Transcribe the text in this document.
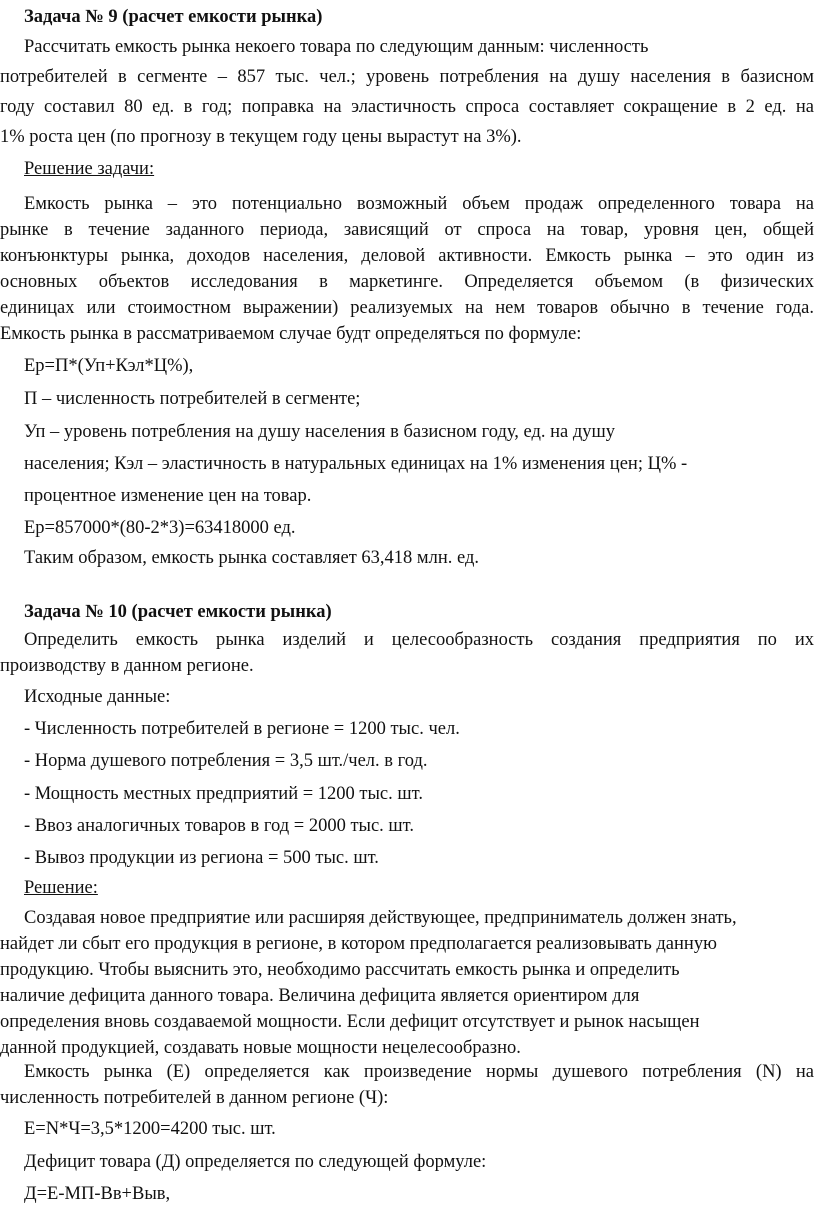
Задача № 9 (расчет емкости рынка)
Рассчитать емкость рынка некоего товара по следующим данным: численность
потребителей в сегменте – 857 тыс. чел.; уровень потребления на душу населения в базисном
году составил 80 ед. в год; поправка на эластичность спроса составляет сокращение в 2 ед. на
1% роста цен (по прогнозу в текущем году цены вырастут на 3%).
Решение задачи:
Емкость рынка – это потенциально возможный объем продаж определенного товара на
рынке в течение заданного периода, зависящий от спроса на товар, уровня цен, общей
конъюнктуры рынка, доходов населения, деловой активности. Емкость рынка – это один из
основных объектов исследования в маркетинге. Определяется объемом (в физических
единицах или стоимостном выражении) реализуемых на нем товаров обычно в течение года.
Емкость рынка в рассматриваемом случае будт определяться по формуле:
Ер=П*(Уп+Кэл*Ц%),
П – численность потребителей в сегменте;
Уп – уровень потребления на душу населения в базисном году, ед. на душу
населения; Кэл – эластичность в натуральных единицах на 1% изменения цен; Ц% -
процентное изменение цен на товар.
Ер=857000*(80-2*3)=63418000 ед.
Таким образом, емкость рынка составляет 63,418 млн. ед.
Задача № 10 (расчет емкости рынка)
Определить емкость рынка изделий и целесообразность создания предприятия по их
производству в данном регионе.
Исходные данные:
- Численность потребителей в регионе = 1200 тыс. чел.
- Норма душевого потребления = 3,5 шт./чел. в год.
- Мощность местных предприятий = 1200 тыс. шт.
- Ввоз аналогичных товаров в год = 2000 тыс. шт.
- Вывоз продукции из региона = 500 тыс. шт.
Решение:
Создавая новое предприятие или расширяя действующее, предприниматель должен знать,
найдет ли сбыт его продукция в регионе, в котором предполагается реализовывать данную
продукцию. Чтобы выяснить это, необходимо рассчитать емкость рынка и определить
наличие дефицита данного товара. Величина дефицита является ориентиром для
определения вновь создаваемой мощности. Если дефицит отсутствует и рынок насыщен
данной продукцией, создавать новые мощности нецелесообразно.
Емкость рынка (Е) определяется как произведение нормы душевого потребления (N) на
численность потребителей в данном регионе (Ч):
Е=N*Ч=3,5*1200=4200 тыс. шт.
Дефицит товара (Д) определяется по следующей формуле:
Д=Е-МП-Вв+Выв,
